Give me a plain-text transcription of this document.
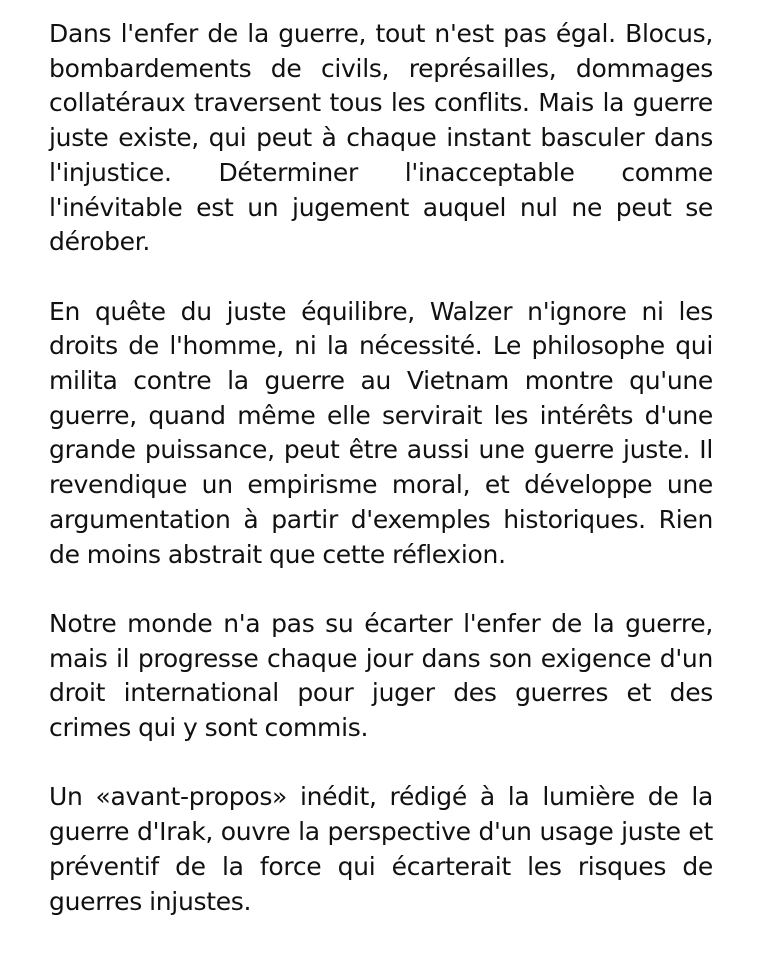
Dans l'enfer de la guerre, tout n'est pas égal. Blocus, bombardements de civils, représailles, dommages collatéraux traversent tous les conflits. Mais la guerre juste existe, qui peut à chaque instant basculer dans l'injustice. Déterminer l'inacceptable comme l'inévitable est un jugement auquel nul ne peut se dérober.

En quête du juste équilibre, Walzer n'ignore ni les droits de l'homme, ni la nécessité. Le philosophe qui milita contre la guerre au Vietnam montre qu'une guerre, quand même elle servirait les intérêts d'une grande puissance, peut être aussi une guerre juste. Il revendique un empirisme moral, et développe une argumentation à partir d'exemples historiques. Rien de moins abstrait que cette réflexion.

Notre monde n'a pas su écarter l'enfer de la guerre, mais il progresse chaque jour dans son exigence d'un droit international pour juger des guerres et des crimes qui y sont commis.

Un «avant-propos» inédit, rédigé à la lumière de la guerre d'Irak, ouvre la perspective d'un usage juste et préventif de la force qui écarterait les risques de guerres injustes.
